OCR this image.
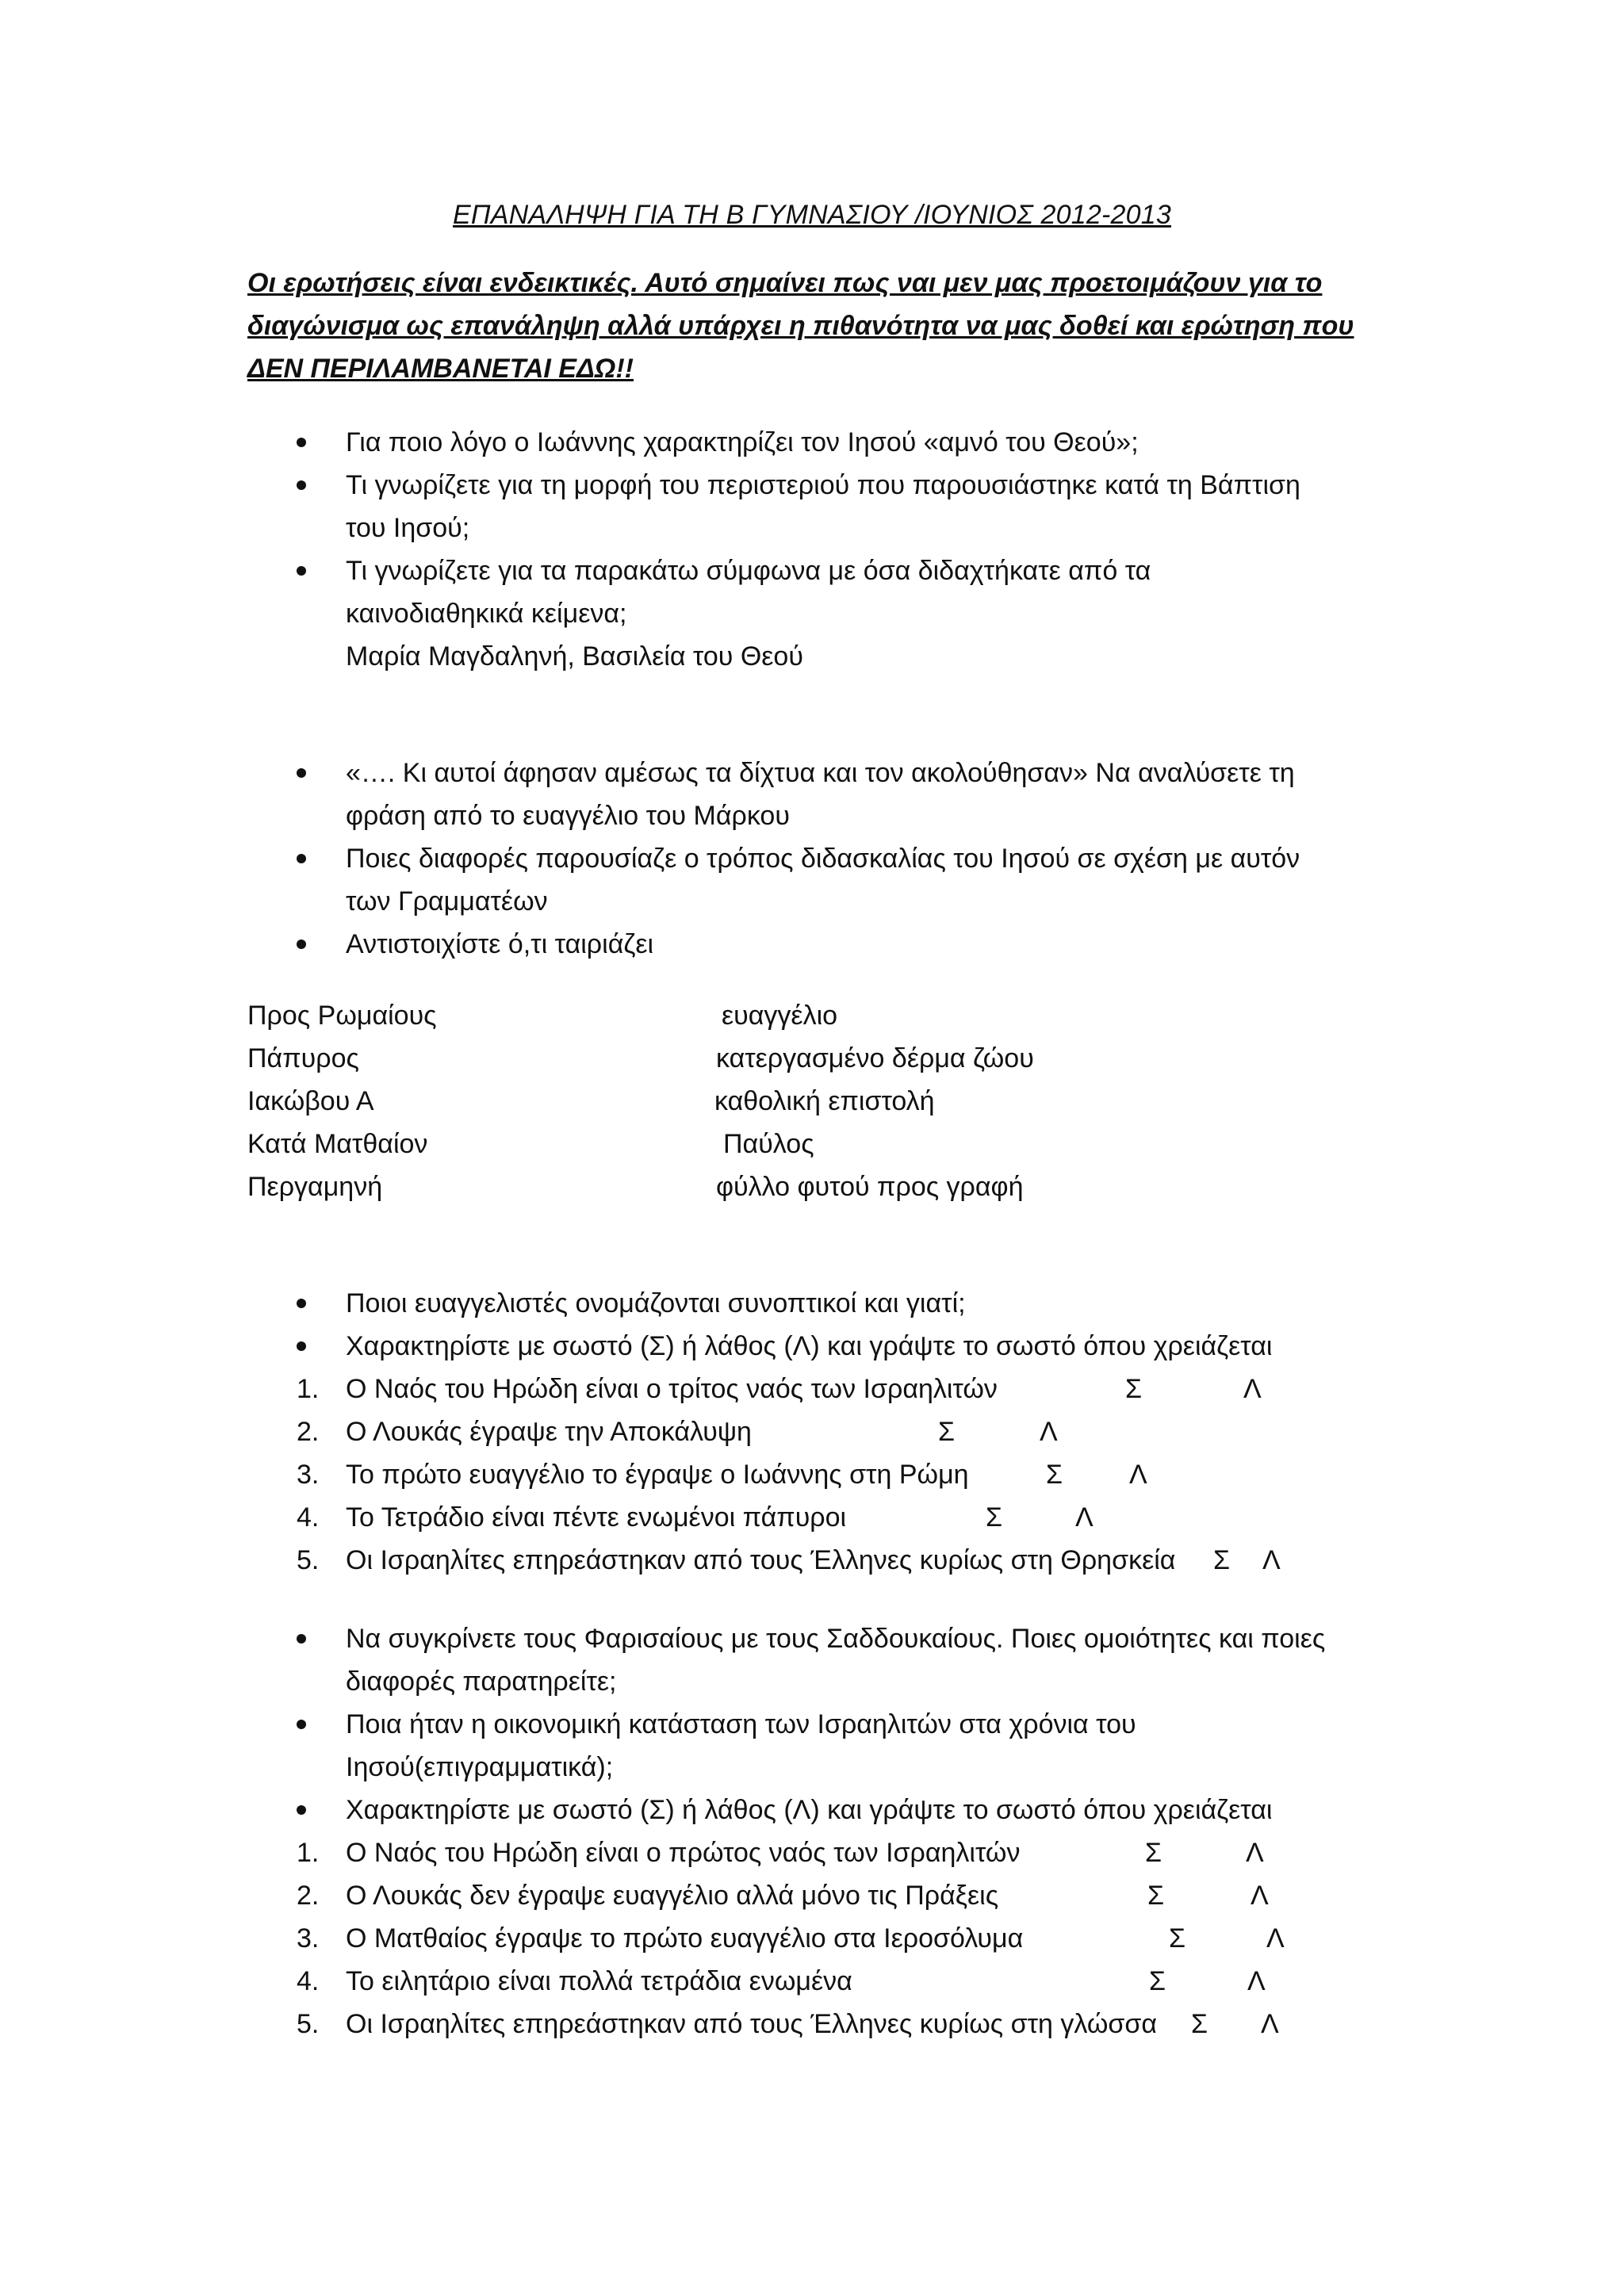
ΕΠΑΝΑΛΗΨΗ ΓΙΑ ΤΗ Β ΓΥΜΝΑΣΙΟΥ /ΙΟΥΝΙΟΣ 2012-2013

Οι ερωτήσεις είναι ενδεικτικές. Αυτό σημαίνει πως ναι μεν μας προετοιμάζουν για το

διαγώνισμα ως επανάληψη αλλά υπάρχει η πιθανότητα να μας δοθεί και ερώτηση που

ΔΕΝ ΠΕΡΙΛΑΜΒΑΝΕΤΑΙ ΕΔΩ!!

Για ποιο λόγο ο Ιωάννης χαρακτηρίζει τον Ιησού «αμνό του Θεού»;
Τι γνωρίζετε για τη μορφή του περιστεριού που παρουσιάστηκε κατά τη Βάπτιση
του Ιησού;
Τι γνωρίζετε για τα παρακάτω σύμφωνα με όσα διδαχτήκατε από τα
καινοδιαθηκικά κείμενα;
Μαρία Μαγδαληνή, Βασιλεία του Θεού
«…. Κι αυτοί άφησαν αμέσως τα δίχτυα και τον ακολούθησαν» Να αναλύσετε τη
φράση από το ευαγγέλιο του Μάρκου
Ποιες διαφορές παρουσίαζε ο τρόπος διδασκαλίας του Ιησού σε σχέση με αυτόν
των Γραμματέων
Αντιστοιχίστε ό,τι ταιριάζει
Προς Ρωμαίους	ευαγγέλιο
Πάπυρος	κατεργασμένο δέρμα ζώου
Ιακώβου Α	καθολική επιστολή
Κατά Ματθαίον	Παύλος
Περγαμηνή	φύλλο φυτού προς γραφή
Ποιοι ευαγγελιστές ονομάζονται συνοπτικοί και γιατί;
Χαρακτηρίστε με σωστό (Σ) ή λάθος (Λ) και γράψτε το σωστό όπου χρειάζεται
1. Ο Ναός του Ηρώδη είναι ο τρίτος ναός των Ισραηλιτών	Σ	Λ
2. Ο Λουκάς έγραψε την Αποκάλυψη	Σ	Λ
3. Το πρώτο ευαγγέλιο το έγραψε ο Ιωάννης στη Ρώμη	Σ Λ
4. Το Τετράδιο είναι πέντε ενωμένοι πάπυροι	Σ	Λ
5. Οι Ισραηλίτες επηρεάστηκαν από τους Έλληνες κυρίως στη Θρησκεία Σ Λ
Να συγκρίνετε τους Φαρισαίους με τους Σαδδουκαίους. Ποιες ομοιότητες και ποιες
διαφορές παρατηρείτε;
Ποια ήταν η οικονομική κατάσταση των Ισραηλιτών στα χρόνια του
Ιησού(επιγραμματικά);
Χαρακτηρίστε με σωστό (Σ) ή λάθος (Λ) και γράψτε το σωστό όπου χρειάζεται
1. Ο Ναός του Ηρώδη είναι ο πρώτος ναός των Ισραηλιτών	Σ	Λ
2. Ο Λουκάς δεν έγραψε ευαγγέλιο αλλά μόνο τις Πράξεις	Σ	Λ
3. Ο Ματθαίος έγραψε το πρώτο ευαγγέλιο στα Ιεροσόλυμα	Σ	Λ
4. Το ειλητάριο είναι πολλά τετράδια ενωμένα	Σ	Λ
5. Οι Ισραηλίτες επηρεάστηκαν από τους Έλληνες κυρίως στη γλώσσα Σ Λ
